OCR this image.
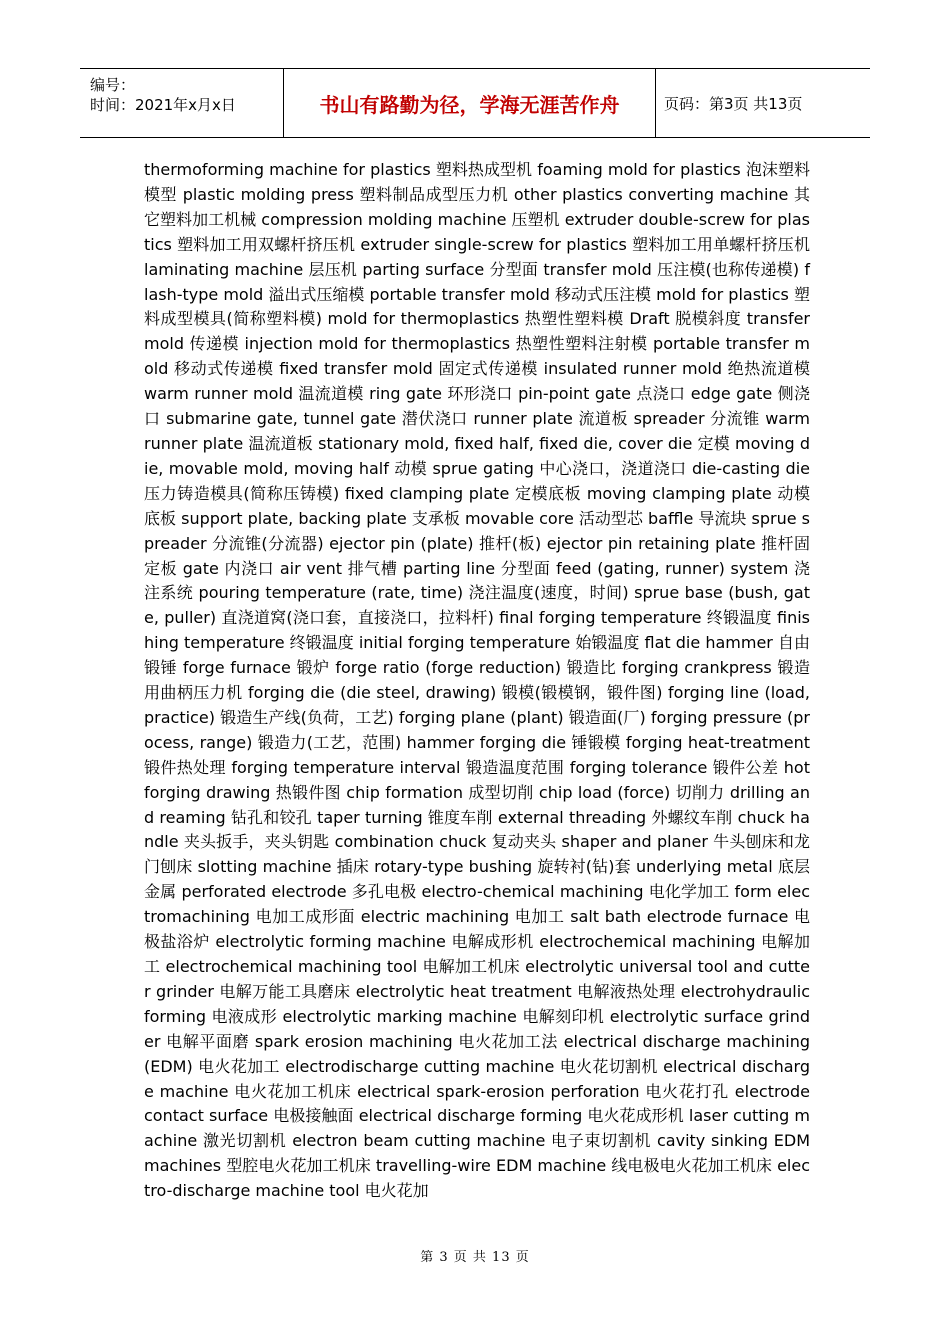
编号：
时间：2021年x月x日	书山有路勤为径，学海无涯苦作舟	页码：第3页 共13页
thermoforming machine for plastics 塑料热成型机 foaming mold for plastics 泡沫塑料模型 plastic molding press 塑料制品成型压力机 other plastics converting machine 其它塑料加工机械 compression molding machine 压塑机 extruder double-screw for plastics 塑料加工用双螺杆挤压机 extruder single-screw for plastics 塑料加工用单螺杆挤压机 laminating machine 层压机 parting surface 分型面 transfer mold 压注模(也称传递模) flash-type mold 溢出式压缩模 portable transfer mold 移动式压注模 mold for plastics 塑料成型模具(简称塑料模) mold for thermoplastics 热塑性塑料模 Draft 脱模斜度 transfer mold 传递模 injection mold for thermoplastics 热塑性塑料注射模 portable transfer mold 移动式传递模 fixed transfer mold 固定式传递模 insulated runner mold 绝热流道模 warm runner mold 温流道模 ring gate 环形浇口 pin-point gate 点浇口 edge gate 侧浇口 submarine gate, tunnel gate 潜伏浇口 runner plate 流道板 spreader 分流锥 warm runner plate 温流道板 stationary mold, fixed half, fixed die, cover die 定模 moving die, movable mold, moving half 动模 sprue gating 中心浇口，浇道浇口 die-casting die 压力铸造模具(简称压铸模) fixed clamping plate 定模底板 moving clamping plate 动模底板 support plate, backing plate 支承板 movable core 活动型芯 baffle 导流块 sprue spreader 分流锥(分流器) ejector pin (plate) 推杆(板) ejector pin retaining plate 推杆固定板 gate 内浇口 air vent 排气槽 parting line 分型面 feed (gating, runner) system 浇注系统 pouring temperature (rate, time) 浇注温度(速度，时间) sprue base (bush, gate, puller) 直浇道窝(浇口套，直接浇口，拉料杆) final forging temperature 终锻温度 finishing temperature 终锻温度 initial forging temperature 始锻温度 flat die hammer 自由锻锤 forge furnace 锻炉 forge ratio (forge reduction) 锻造比 forging crankpress 锻造用曲柄压力机 forging die (die steel, drawing) 锻模(锻模钢，锻件图) forging line (load, practice) 锻造生产线(负荷，工艺) forging plane (plant) 锻造面(厂) forging pressure (process, range) 锻造力(工艺，范围) hammer forging die 锤锻模 forging heat-treatment 锻件热处理 forging temperature interval 锻造温度范围 forging tolerance 锻件公差 hot forging drawing 热锻件图 chip formation 成型切削 chip load (force) 切削力 drilling and reaming 钻孔和铰孔 taper turning 锥度车削 external threading 外螺纹车削 chuck handle 夹头扳手，夹头钥匙 combination chuck 复动夹头 shaper and planer 牛头刨床和龙门刨床 slotting machine 插床 rotary-type bushing 旋转衬(钻)套 underlying metal 底层金属 perforated electrode 多孔电极 electro-chemical machining 电化学加工 form electromachining 电加工成形面 electric machining 电加工 salt bath electrode furnace 电极盐浴炉 electrolytic forming machine 电解成形机 electrochemical machining 电解加工 electrochemical machining tool 电解加工机床 electrolytic universal tool and cutter grinder 电解万能工具磨床 electrolytic heat treatment 电解液热处理 electrohydraulic forming 电液成形 electrolytic marking machine 电解刻印机 electrolytic surface grinder 电解平面磨 spark erosion machining 电火花加工法 electrical discharge machining (EDM) 电火花加工 electrodischarge cutting machine 电火花切割机 electrical discharge machine 电火花加工机床 electrical spark-erosion perforation 电火花打孔 electrode contact surface 电极接触面 electrical discharge forming 电火花成形机 laser cutting machine 激光切割机 electron beam cutting machine 电子束切割机 cavity sinking EDM machines 型腔电火花加工机床 travelling-wire EDM machine 线电极电火花加工机床 electro-discharge machine tool 电火花加
第 3 页 共 13 页
